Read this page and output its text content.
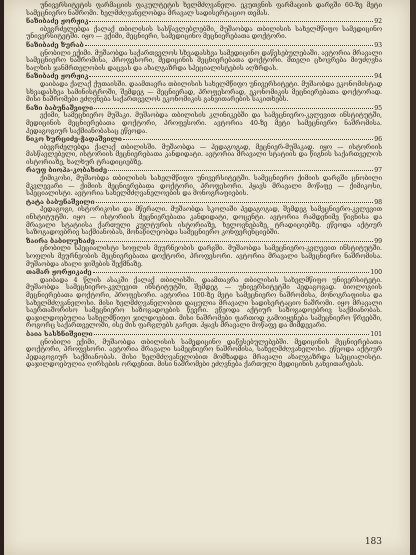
უნივერსიტეტის ფარმაციის ფაკულტეტის ხელმძღვანელი. ეკუთვნის ფარმაციის დარგში 60-ზე მეტი სამეცნიერო ნაშრომი. ხელმძღვანელობდა მრავალ სადისერტაციო თემას.

ნაზიბაძე ჟორჟიკ	92

იბეგრძელებდა ქალაქ თბილისის სასწავლებლებში, მუშაობდა თბილისის სახელმწიფო სამედიცინო უნივერსიტეტში. იყო — ექიმი, მეცნიერი, სამედიცინო მეცნიერებათა დოქტორი.

ნაზიბაძე ზურაბ	93

ცნობილი ექიმი. მუშაობდა საქართველოს სხვადასხვა სამედიცინო დაწესებულებაში. ავტორია მრავალი სამეცნიერო ნაშრომისა, პროფესორი, მედიცინის მეცნიერებათა დოქტორი. მთელი ცხოვრება მიუძღვნა ხალხის ჯანმრთელობის დაცვას და ახალგაზრდა სპეციალისტების აღზრდას.

ნაზიბაძე ჟორჟიკ	94

დაიბადა ქალაქ ქუთაისში. დაამთავრა თბილისის სახელმწიფო უნივერსიტეტი. მუშაობდა ეკონომისტად სხვადასხვა სამინისტროში, შემდეგ — მეცნიერად, პროფესორად, ეკონომიკის მეცნიერებათა დოქტორად. მისი ნაშრომები ეძღვნება საქართველოს ეკონომიკის განვითარების საკითხებს.

ნაზი ბაბუნაშვილი	95

ექიმი, სამეცნიერო მუშაკი. მუშაობდა თბილისის კლინიკებში და სამეცნიერო-კვლევით ინსტიტუტში, მედიცინის მეცნიერებათა დოქტორი, პროფესორი. ავტორია 40-ზე მეტი სამეცნიერო ნაშრომისა. პედაგოგიურ საქმიანობასაც ეწეოდა.

ნიკო ხურციძე-ჭადაშვილი	96

იბეგრძელებდა ქალაქ თბილისში. მუშაობდა — პედაგოგად, მეცნიერ-მუშაკად. იყო — ისტორიის მასწავლებელი, ისტორიის მეცნიერებათა კანდიდატი. ავტორია მრავალი სტატიის და წიგნის საქართველოს ისტორიაზე, ხალხურ ტრადიციებზე.

რაუფ ბიოპა-კობახიძე	97

ქიმიკოსი, მუშაობდა თბილისის სახელმწიფო უნივერსიტეტში. სამეცნიერო ქიმიის დარგში ცნობილი მკვლევარი — ქიმიის მეცნიერებათა დოქტორი, პროფესორი. ჰყავს მრავალი მოწაფე — ქიმიკოსი, სპეციალისტი. ავტორია სახელმძღვანელოების და მონოგრაფიების.

ტატა ბაბუნაშვილი	98

პედაგოგი, ისტორიკოსი და მწერალი. მუშაობდა სკოლაში პედაგოგად, შემდეგ სამეცნიერო-კვლევით ინსტიტუტში. იყო — ისტორიის მეცნიერებათა კანდიდატი, დოცენტი. ავტორია რამდენიმე წიგნისა და მრავალი სტატიისა ქართული კულტურის ისტორიაზე, ხელოვნებაზე, ტრადიციებზე. ეწეოდა აქტიურ საზოგადოებრივ საქმიანობას, მონაწილეობდა სამეცნიერო კონფერენციებში.

ზაირა ბაბილუხაძე	99

ცნობილი სპეციალისტი სოფლის მეურნეობის დარგში. მუშაობდა სამეცნიერო-კვლევით ინსტიტუტში. სოფლის მეურნეობის მეცნიერებათა დოქტორი, პროფესორი. ავტორია მრავალი სამეცნიერო ნაშრომისა. მუშაობდა ახალი ჯიშების შექმნაზე.

თამარ ჟორჟიკაძე	100

დაიბადა 4 წლის ასაკში ქალაქ თბილისში. დაამთავრა თბილისის სახელმწიფო უნივერსიტეტი. მუშაობდა სამეცნიერო-კვლევით ინსტიტუტში, შემდეგ — უნივერსიტეტში პედაგოგად. ბიოლოგიის მეცნიერებათა დოქტორი, პროფესორი. ავტორია 100-ზე მეტი სამეცნიერო ნაშრომისა, მონოგრაფიისა და სახელმძღვანელოსი. მისი ხელმძღვანელობით დაცულია მრავალი სადისერტაციო ნაშრომი. იყო მრავალი საერთაშორისო სამეცნიერო საზოგადოების წევრი. ეწეოდა აქტიურ საზოგადოებრივ საქმიანობას. დაჯილდოებულია სახელმწიფო ჯილდოებით. მისი ნაშრომები ფართოდ გამოიყენება სამეცნიერო წრეებში, როგორც საქართველოში, ისე მის ფარგლებს გარეთ. ჰყავს მრავალი მოწაფე და მიმდევარი.

ბაია სასხნიშვილი	101

ცნობილი ექიმი, მუშაობდა თბილისის სამედიცინო დაწესებულებებში. მედიცინის მეცნიერებათა დოქტორი, პროფესორი. ავტორია მრავალი სამეცნიერო ნაშრომისა, სახელმძღვანელოსი. ეწეოდა აქტიურ პედაგოგიურ საქმიანობას. მისი ხელმძღვანელობით მომზადდა მრავალი ახალგაზრდა სპეციალისტი. დაჯილდოებულია ღირსების ორდენით. მისი ნაშრომები ეძღვნება ქართული მედიცინის განვითარებას.

183
